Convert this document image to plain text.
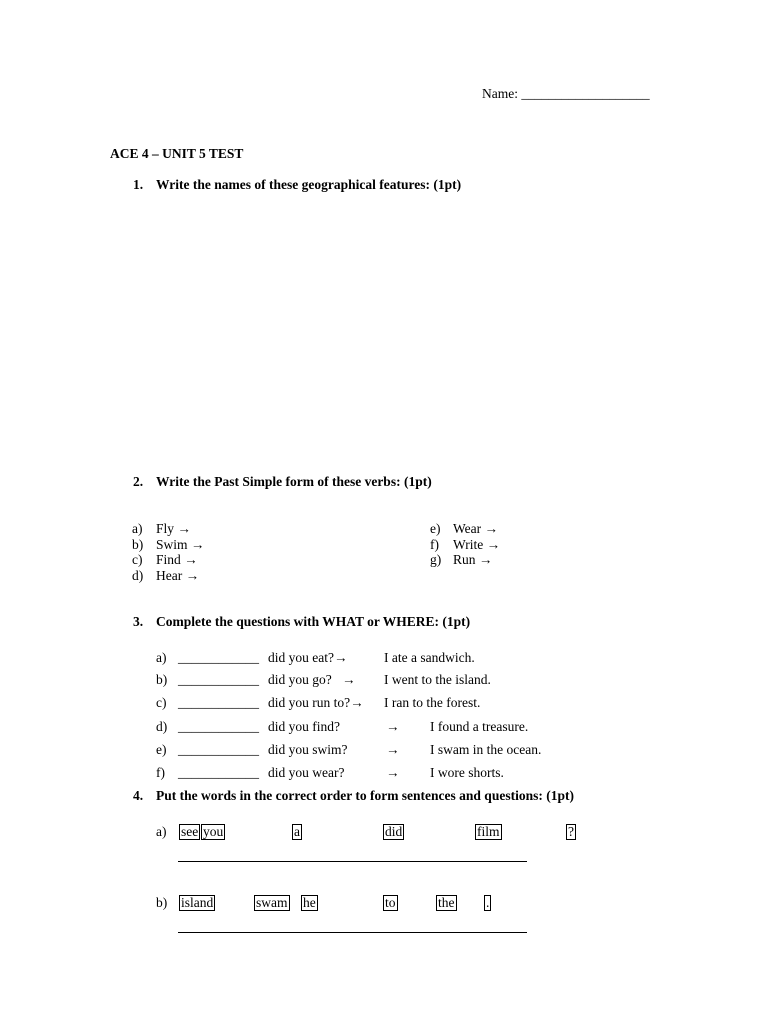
Name: ___________________
ACE 4 – UNIT 5 TEST
1. Write the names of these geographical features: (1pt)
2. Write the Past Simple form of these verbs: (1pt)
a) Fly →
b) Swim →
c) Find →
d) Hear →
e) Wear →
f) Write →
g) Run →
3. Complete the questions with WHAT or WHERE: (1pt)
a) ____________ did you eat?→	I ate a sandwich.
b) ____________ did you go? → I went to the island.
c) ____________ did you run to?→ I ran to the forest.
d) ____________ did you find?	→ I found a treasure.
e) ____________ did you swim?	→ I swam in the ocean.
f) ____________ did you wear?	→ I wore shorts.
4. Put the words in the correct order to form sentences and questions: (1pt)
a) see you	a	did	film	?
b) island	swam he	to	the .
